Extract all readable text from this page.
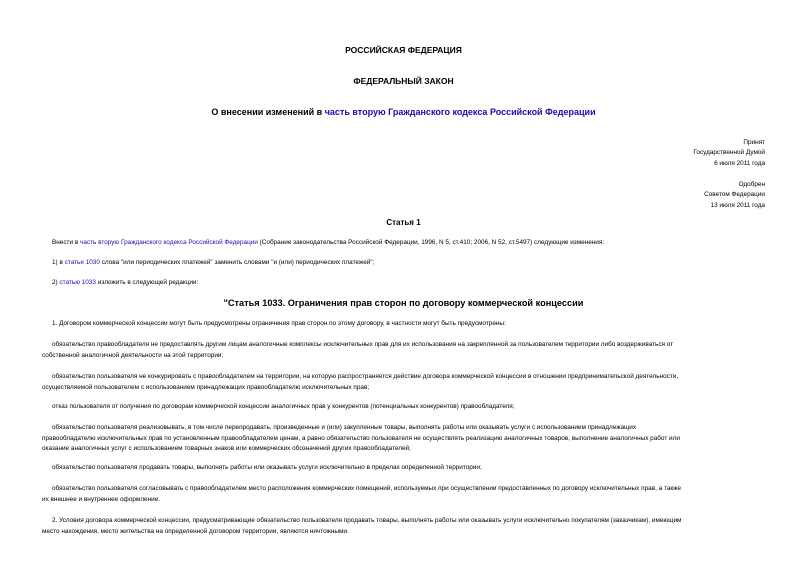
РОССИЙСКАЯ ФЕДЕРАЦИЯ
ФЕДЕРАЛЬНЫЙ ЗАКОН
О внесении изменений в часть вторую Гражданского кодекса Российской Федерации
Принят
Государственной Думой
6 июля 2011 года
Одобрен
Советом Федерации
13 июля 2011 года
Статья 1
Внести в часть вторую Гражданского кодекса Российской Федерации (Собрание законодательства Российской Федерации, 1996, N 5, ст.410; 2006, N 52, ст.5497) следующие изменения:
1) в статье 1030 слова "или периодических платежей" заменить словами "и (или) периодических платежей";
2) статью 1033 изложить в следующей редакции:
"Статья 1033. Ограничения прав сторон по договору коммерческой концессии
1. Договором коммерческой концессии могут быть предусмотрены ограничения прав сторон по этому договору, в частности могут быть предусмотрены:
обязательство правообладателя не предоставлять другим лицам аналогичные комплексы исключительных прав для их использования на закрепленной за пользователем территории либо воздерживаться от
собственной аналогичной деятельности на этой территории;
обязательство пользователя не конкурировать с правообладателем на территории, на которую распространяется действие договора коммерческой концессии в отношении предпринимательской деятельности,
осуществляемой пользователем с использованием принадлежащих правообладателю исключительных прав;
отказ пользователя от получения по договорам коммерческой концессии аналогичных прав у конкурентов (потенциальных конкурентов) правообладателя;
обязательство пользователя реализовывать, в том числе перепродавать, произведенные и (или) закупленные товары, выполнять работы или оказывать услуги с использованием принадлежащих
правообладателю исключительных прав по установленным правообладателем ценам, а равно обязательство пользователя не осуществлять реализацию аналогичных товаров, выполнение аналогичных работ или
оказание аналогичных услуг с использованием товарных знаков или коммерческих обозначений других правообладателей;
обязательство пользователя продавать товары, выполнять работы или оказывать услуги исключительно в пределах определенной территории;
обязательство пользователя согласовывать с правообладателем место расположения коммерческих помещений, используемых при осуществлении предоставленных по договору исключительных прав, а также
их внешнее и внутреннее оформление.
2. Условия договора коммерческой концессии, предусматривающие обязательство пользователя продавать товары, выполнять работы или оказывать услуги исключительно покупателям (заказчикам), имеющим
место нахождения, место жительства на определенной договором территории, являются ничтожными.
